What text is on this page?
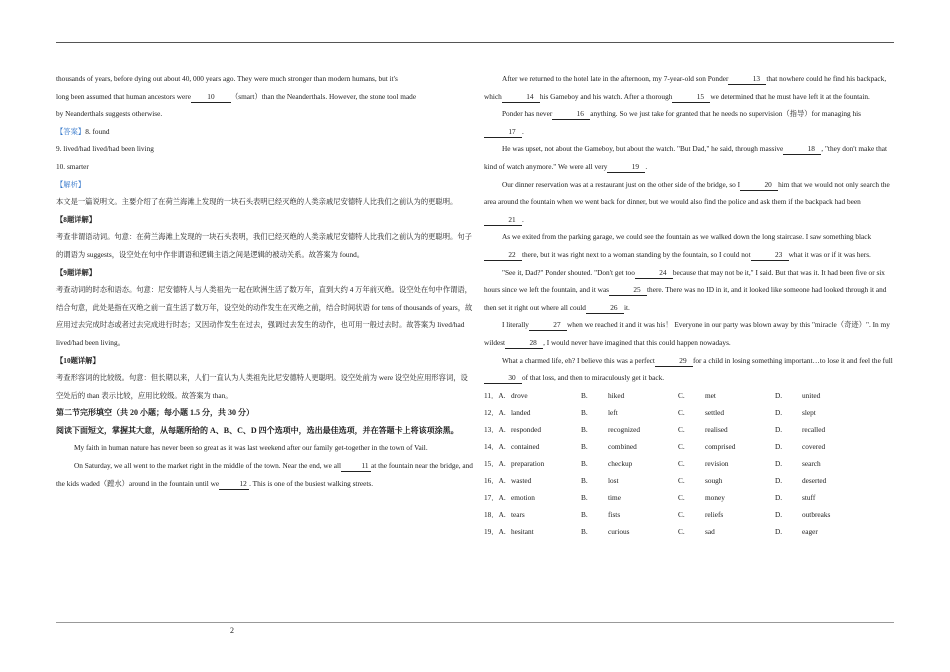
thousands of years, before dying out about 40, 000 years ago. They were much stronger than modern humans, but it's

long been assumed that human ancestors were 10 （smart）than the Neanderthals. However, the stone tool made

by Neanderthals suggests otherwise.

【答案】8. found

9. lived/had lived/had been living

10. smarter

【解析】

本文是一篇说明文。主要介绍了在荷兰海滩上发现的一块石头表明已经灭绝的人类亲戚尼安德特人比我们之前认为的更聪明。

【8题详解】

考查非谓语动词。句意：在荷兰海滩上发现的一块石头表明，我们已经灭绝的人类亲戚尼安德特人比我们之前认为的更聪明。句子的谓语为 suggests，设空处在句中作非谓语和逻辑主语之间是逻辑的被动关系。故答案为 found。

【9题详解】

考查动词的时态和语态。句意：尼安德特人与人类祖先一起在欧洲生活了数万年，直到大约 4 万年前灭绝。设空处在句中作谓语，结合句意，此处是指在灭绝之前一直生活了数万年，设空处的动作发生在灭绝之前，结合时间状语 for tens of thousands of years，故应用过去完成时态或者过去完成进行时态；又因动作发生在过去，强调过去发生的动作，也可用一般过去时。故答案为 lived/had lived/had been living。

【10题详解】

考查形容词的比较级。句意：但长期以来，人们一直认为人类祖先比尼安德特人更聪明。设空处前为 were 设空处应用形容词，设空处后的 than 表示比较，应用比较级。故答案为 than。

第二节完形填空（共 20 小题；每小题 1.5 分，共 30 分）

阅读下面短文，掌握其大意，从每题所给的 A、B、C、D 四个选项中，选出最佳选项，并在答题卡上将该项涂黑。

My faith in human nature has never been so great as it was last weekend after our family get-together in the town of Vail.

On Saturday, we all went to the market right in the middle of the town. Near the end, we all	11 at the fountain near the bridge, and the kids waded（蹚水）around in the fountain until we	12 . This is one of the busiest walking streets.

After we returned to the hotel late in the afternoon, my 7-year-old son Ponder	13 that nowhere could he find his backpack, which	14 his Gameboy and his watch. After a thorough	15 we determined that he must have left it at the fountain.

Ponder has never	16 anything. So we just take for granted that he needs no supervision（指导）for managing his17 .

He was upset, not about the Gameboy, but about the watch. "But Dad," he said, through massive	18 , "they don't make that kind of watch anymore." We were all very	19 .

Our dinner reservation was at a restaurant just on the other side of the bridge, so I	20 him that we would not only search the area around the fountain when we went back for dinner, but we would also find the police and ask them if the backpack had been21 .

As we exited from the parking garage, we could see the fountain as we walked down the long staircase. I saw something black22 there, but it was right next to a woman standing by the fountain, so I could not	23 what it was or if it was hers.

"See it, Dad?" Ponder shouted. "Don't get too	24 because that may not be it," I said. But that was it. It had been five or six hours since we left the fountain, and it was	25 there. There was no ID in it, and it looked like someone had looked through it and then set it right out where all could	26 it.

I literally	27 when we reached it and it was his！ Everyone in our party was blown away by this "miracle（奇迹）". In my wildest	28 , I would never have imagined that this could happen nowadays.

What a charmed life, eh? I believe this was a perfect	29 for a child in losing something important…to lose it and feel the full30 of that loss, and then to miraculously get it back.

11．A. drove	B.	hiked	C.	met	D.	united
12．A. landed	B.	left	C.	settled	D.	slept
13．A. responded	B.	recognized	C.	realised	D.	recalled
14．A. contained	B.	combined	C.	comprised	D.	covered
15．A. preparation	B.	checkup	C.	revision	D.	search
16．A. wasted	B.	lost	C.	sough	D.	deserted
17．A. emotion	B.	time	C.	money	D.	stuff
18．A. tears	B.	fists	C.	reliefs	D.	outbreaks
19．A. hesitant	B.	curious	C.	sad	D.	eager
2
